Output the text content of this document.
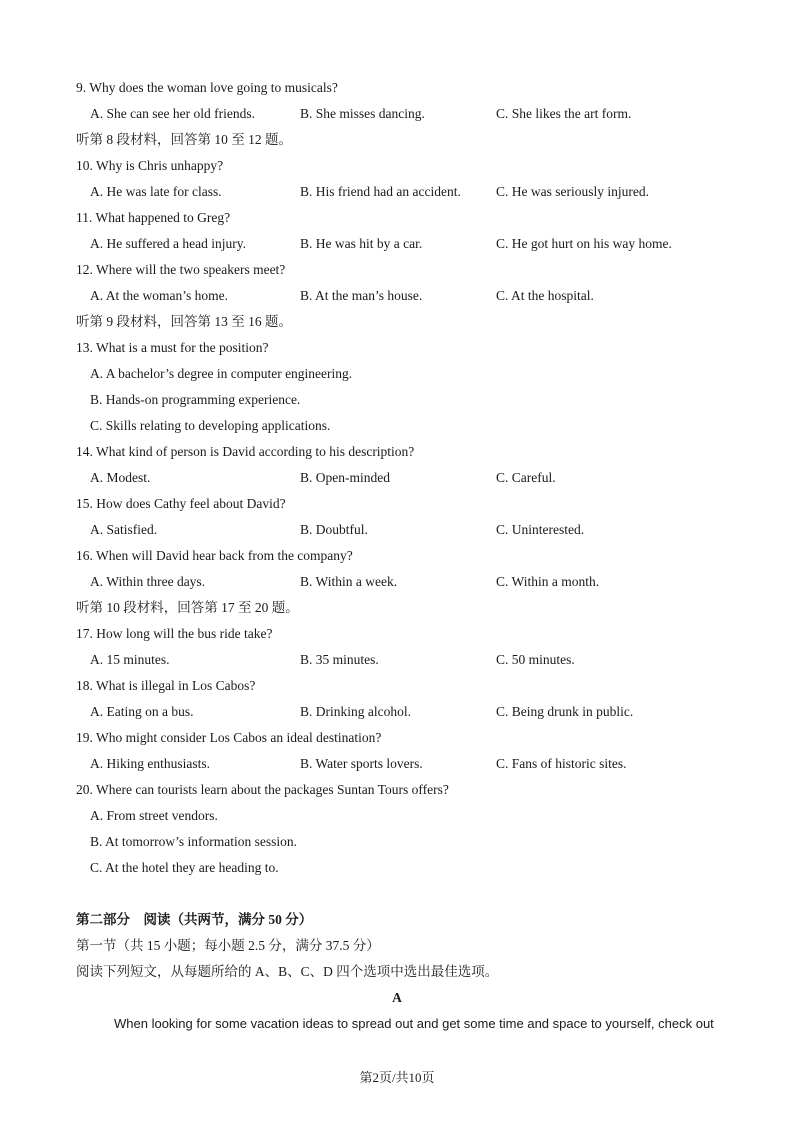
9. Why does the woman love going to musicals?
A. She can see her old friends.	B. She misses dancing.	C. She likes the art form.
听第 8 段材料，回答第 10 至 12 题。
10. Why is Chris unhappy?
A. He was late for class.	B. His friend had an accident.	C. He was seriously injured.
11. What happened to Greg?
A. He suffered a head injury.	B. He was hit by a car.	C. He got hurt on his way home.
12. Where will the two speakers meet?
A. At the woman’s home.	B. At the man’s house.	C. At the hospital.
听第 9 段材料，回答第 13 至 16 题。
13. What is a must for the position?
A. A bachelor’s degree in computer engineering.
B. Hands-on programming experience.
C. Skills relating to developing applications.
14. What kind of person is David according to his description?
A. Modest.	B. Open-minded	C. Careful.
15. How does Cathy feel about David?
A. Satisfied.	B. Doubtful.	C. Uninterested.
16. When will David hear back from the company?
A. Within three days.	B. Within a week.	C. Within a month.
听第 10 段材料，回答第 17 至 20 题。
17. How long will the bus ride take?
A. 15 minutes.	B. 35 minutes.	C. 50 minutes.
18. What is illegal in Los Cabos?
A. Eating on a bus.	B. Drinking alcohol.	C. Being drunk in public.
19. Who might consider Los Cabos an ideal destination?
A. Hiking enthusiasts.	B. Water sports lovers.	C. Fans of historic sites.
20. Where can tourists learn about the packages Suntan Tours offers?
A. From street vendors.
B. At tomorrow’s information session.
C. At the hotel they are heading to.
第二部分　阅读（共两节，满分 50 分）
第一节（共 15 小题；每小题 2.5 分，满分 37.5 分）
阅读下列短文，从每题所给的 A、B、C、D 四个选项中选出最佳选项。
A
When looking for some vacation ideas to spread out and get some time and space to yourself, check out
第2页/共10页
